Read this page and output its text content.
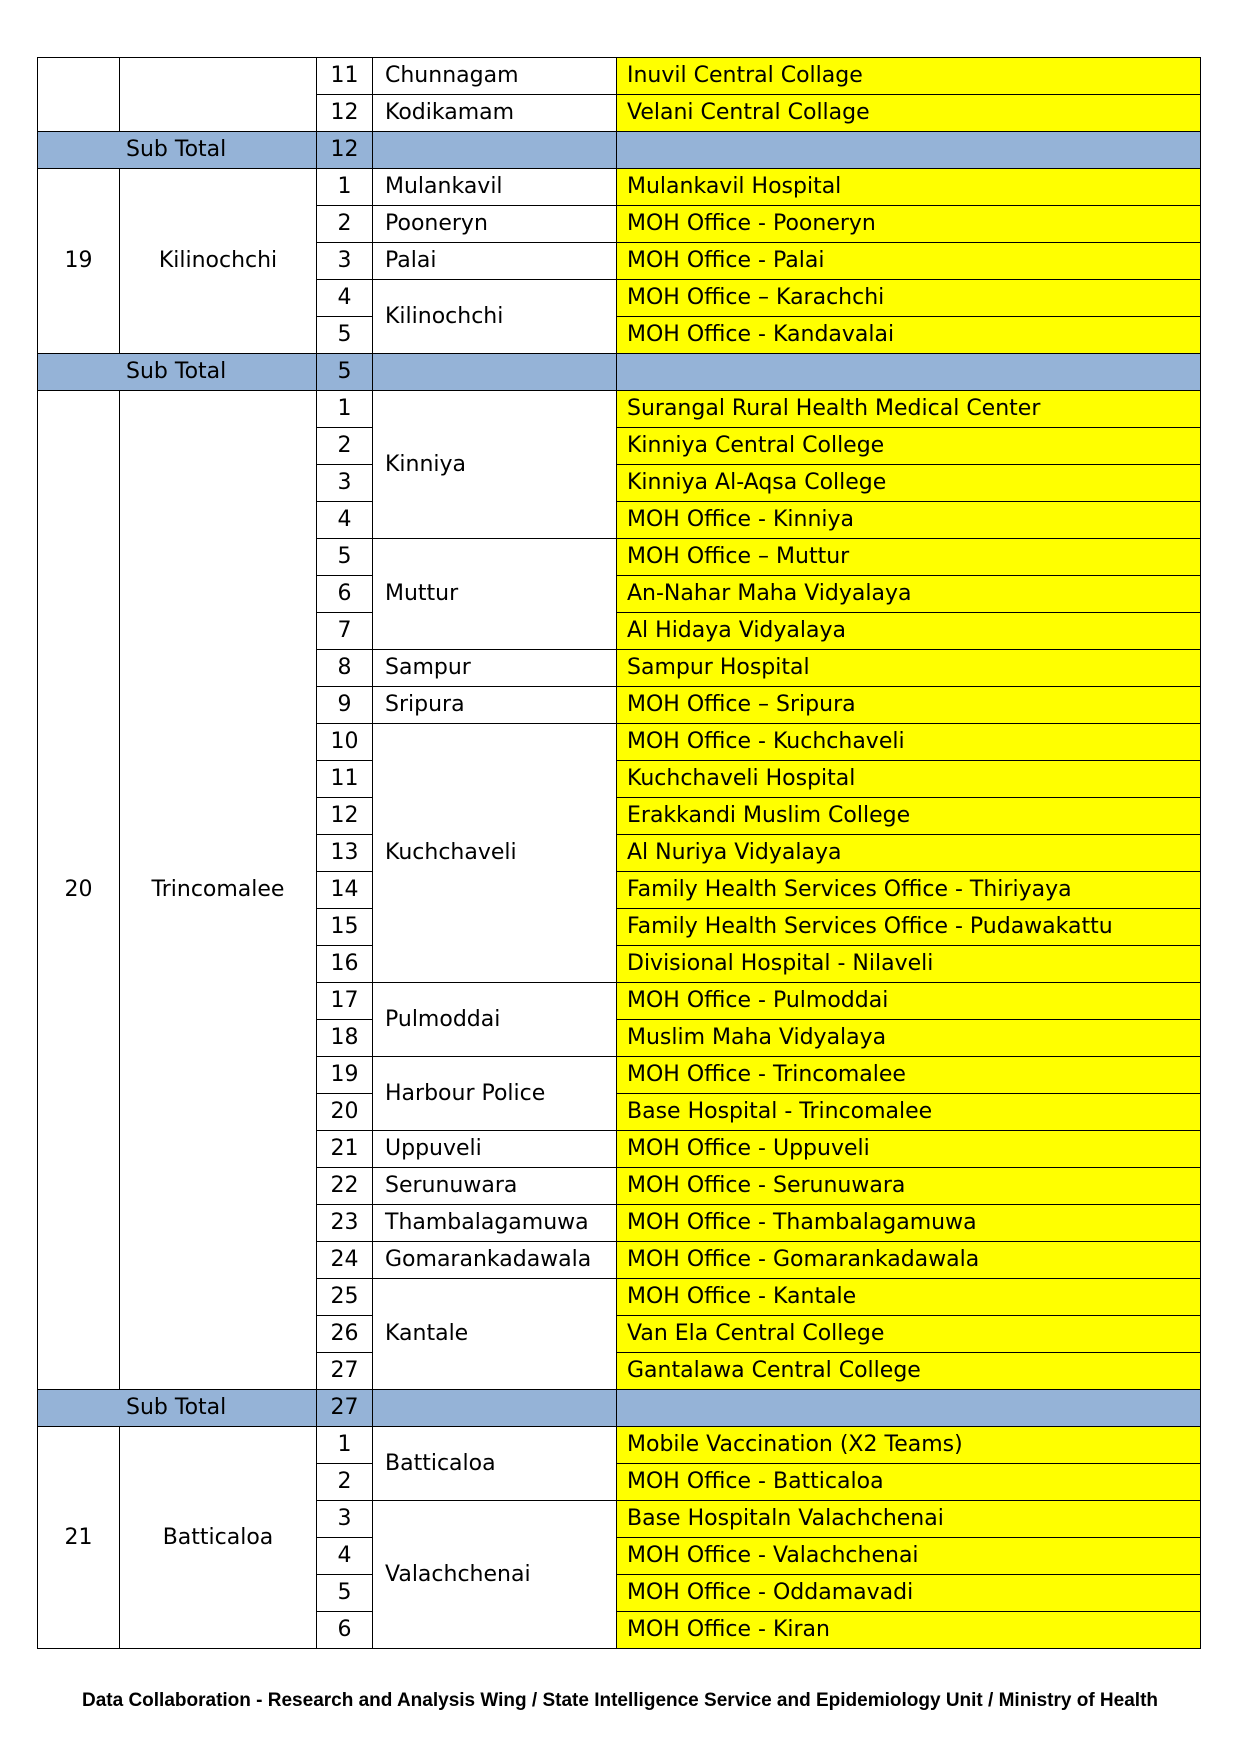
		11	Chunnagam	Inuvil Central Collage
		12	Kodikamam	Velani Central Collage
Sub Total		12		
19	Kilinochchi	1	Mulankavil	Mulankavil Hospital
		2	Pooneryn	MOH Office - Pooneryn
		3	Palai	MOH Office - Palai
		4	Kilinochchi	MOH Office – Karachchi
		5		MOH Office - Kandavalai
Sub Total		5		
20	Trincomalee	1	Kinniya	Surangal Rural Health Medical Center
		2		Kinniya Central College
		3		Kinniya Al-Aqsa College
		4		MOH Office - Kinniya
		5	Muttur	MOH Office – Muttur
		6		An-Nahar Maha Vidyalaya
		7		Al Hidaya Vidyalaya
		8	Sampur	Sampur Hospital
		9	Sripura	MOH Office – Sripura
		10	Kuchchaveli	MOH Office - Kuchchaveli
		11		Kuchchaveli Hospital
		12		Erakkandi Muslim College
		13		Al Nuriya Vidyalaya
		14		Family Health Services Office - Thiriyaya
		15		Family Health Services Office - Pudawakattu
		16		Divisional Hospital - Nilaveli
		17	Pulmoddai	MOH Office - Pulmoddai
		18		Muslim Maha Vidyalaya
		19	Harbour Police	MOH Office - Trincomalee
		20		Base Hospital - Trincomalee
		21	Uppuveli	MOH Office - Uppuveli
		22	Serunuwara	MOH Office - Serunuwara
		23	Thambalagamuwa	MOH Office - Thambalagamuwa
		24	Gomarankadawala	MOH Office - Gomarankadawala
		25	Kantale	MOH Office - Kantale
		26		Van Ela Central College
		27		Gantalawa Central College
Sub Total		27		
21	Batticaloa	1	Batticaloa	Mobile Vaccination (X2 Teams)
		2		MOH Office - Batticaloa
		3	Valachchenai	Base Hospitaln Valachchenai
		4		MOH Office - Valachchenai
		5		MOH Office - Oddamavadi
		6		MOH Office - Kiran
Data Collaboration - Research and Analysis Wing / State Intelligence Service and Epidemiology Unit / Ministry of Health
